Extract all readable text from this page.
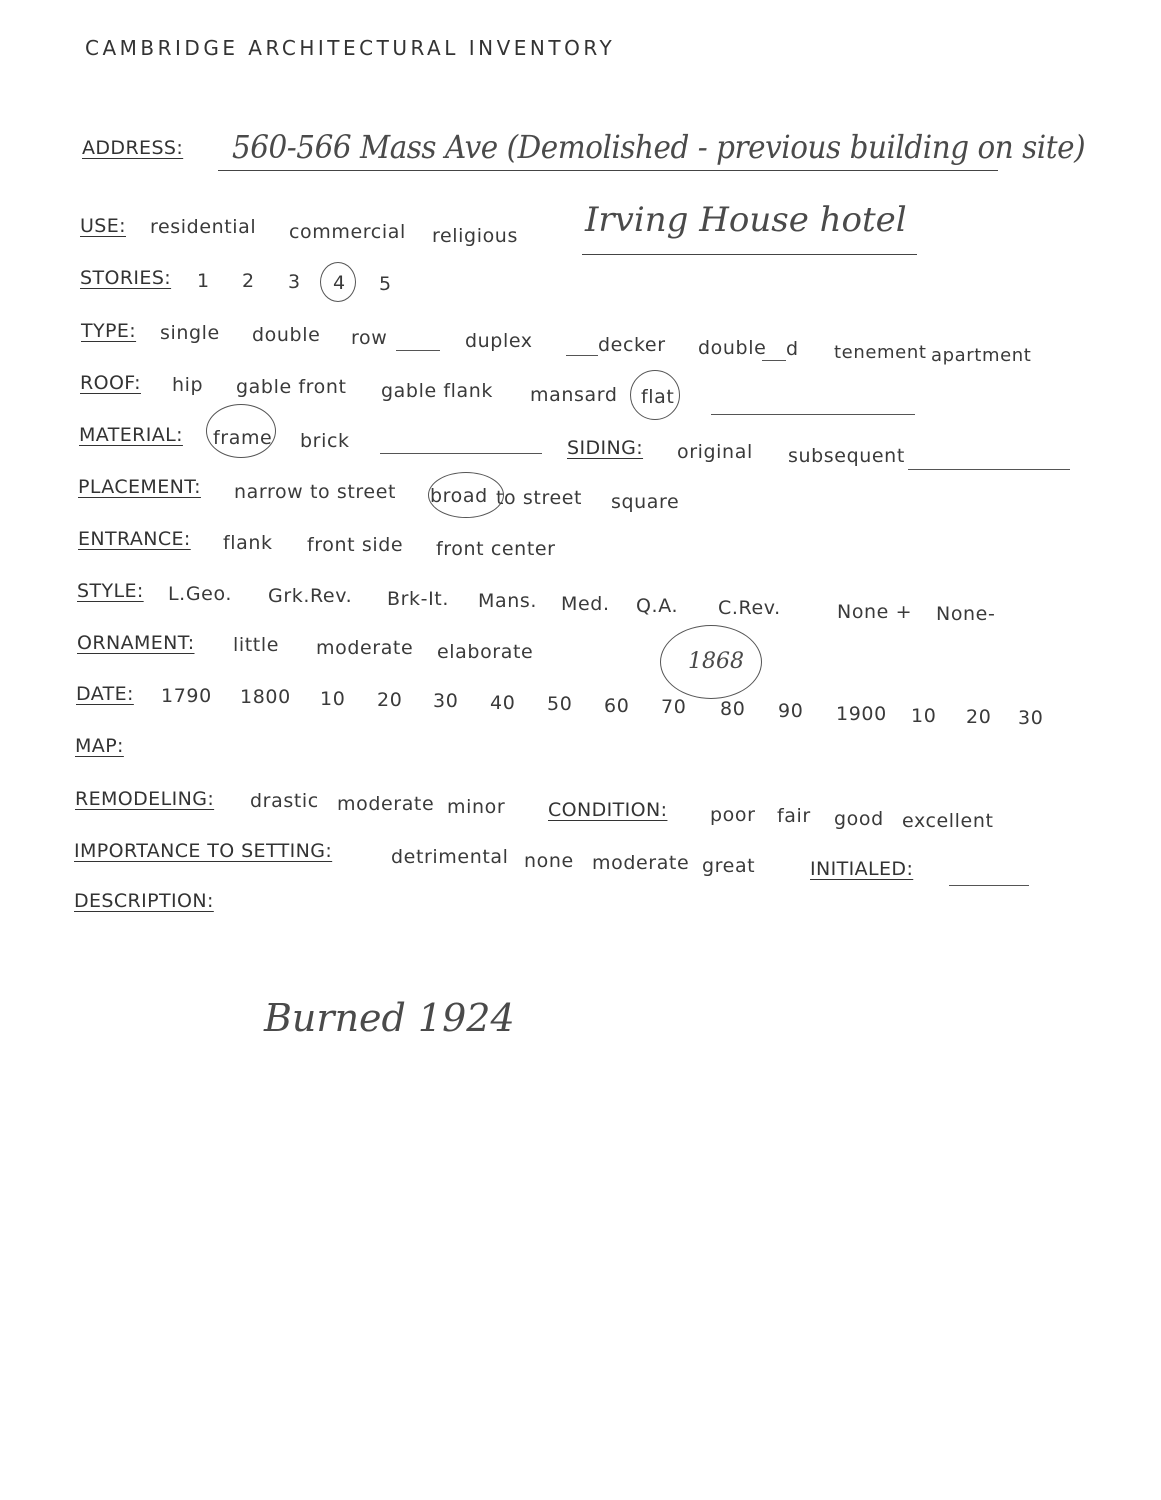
CAMBRIDGE ARCHITECTURAL INVENTORY
ADDRESS: 560-566 Mass Ave (Demolished - previous building on site)
USE: residential commercial religious Irving House hotel
STORIES: 1 2 3 4 5
TYPE: single double row	duplex	decker double d tenement apartment
ROOF: hip gable front gable flank mansard flat
MATERIAL: frame brick	SIDING: original subsequent
PLACEMENT: narrow to street broad to street square
ENTRANCE: flank front side front center
STYLE: L.Geo. Grk.Rev. Brk-It. Mans. Med. Q.A. C.Rev.	None + None-
ORNAMENT: little moderate elaborate
DATE: 1790 1800 10 20 30 40 50 60 70 80 90 1900 10 20 30
1868
MAP:
REMODELING: drastic moderate minor CONDITION: poor fair good excellent
IMPORTANCE TO SETTING:	detrimental none moderate great	INITIALED:
DESCRIPTION:
Burned 1924
